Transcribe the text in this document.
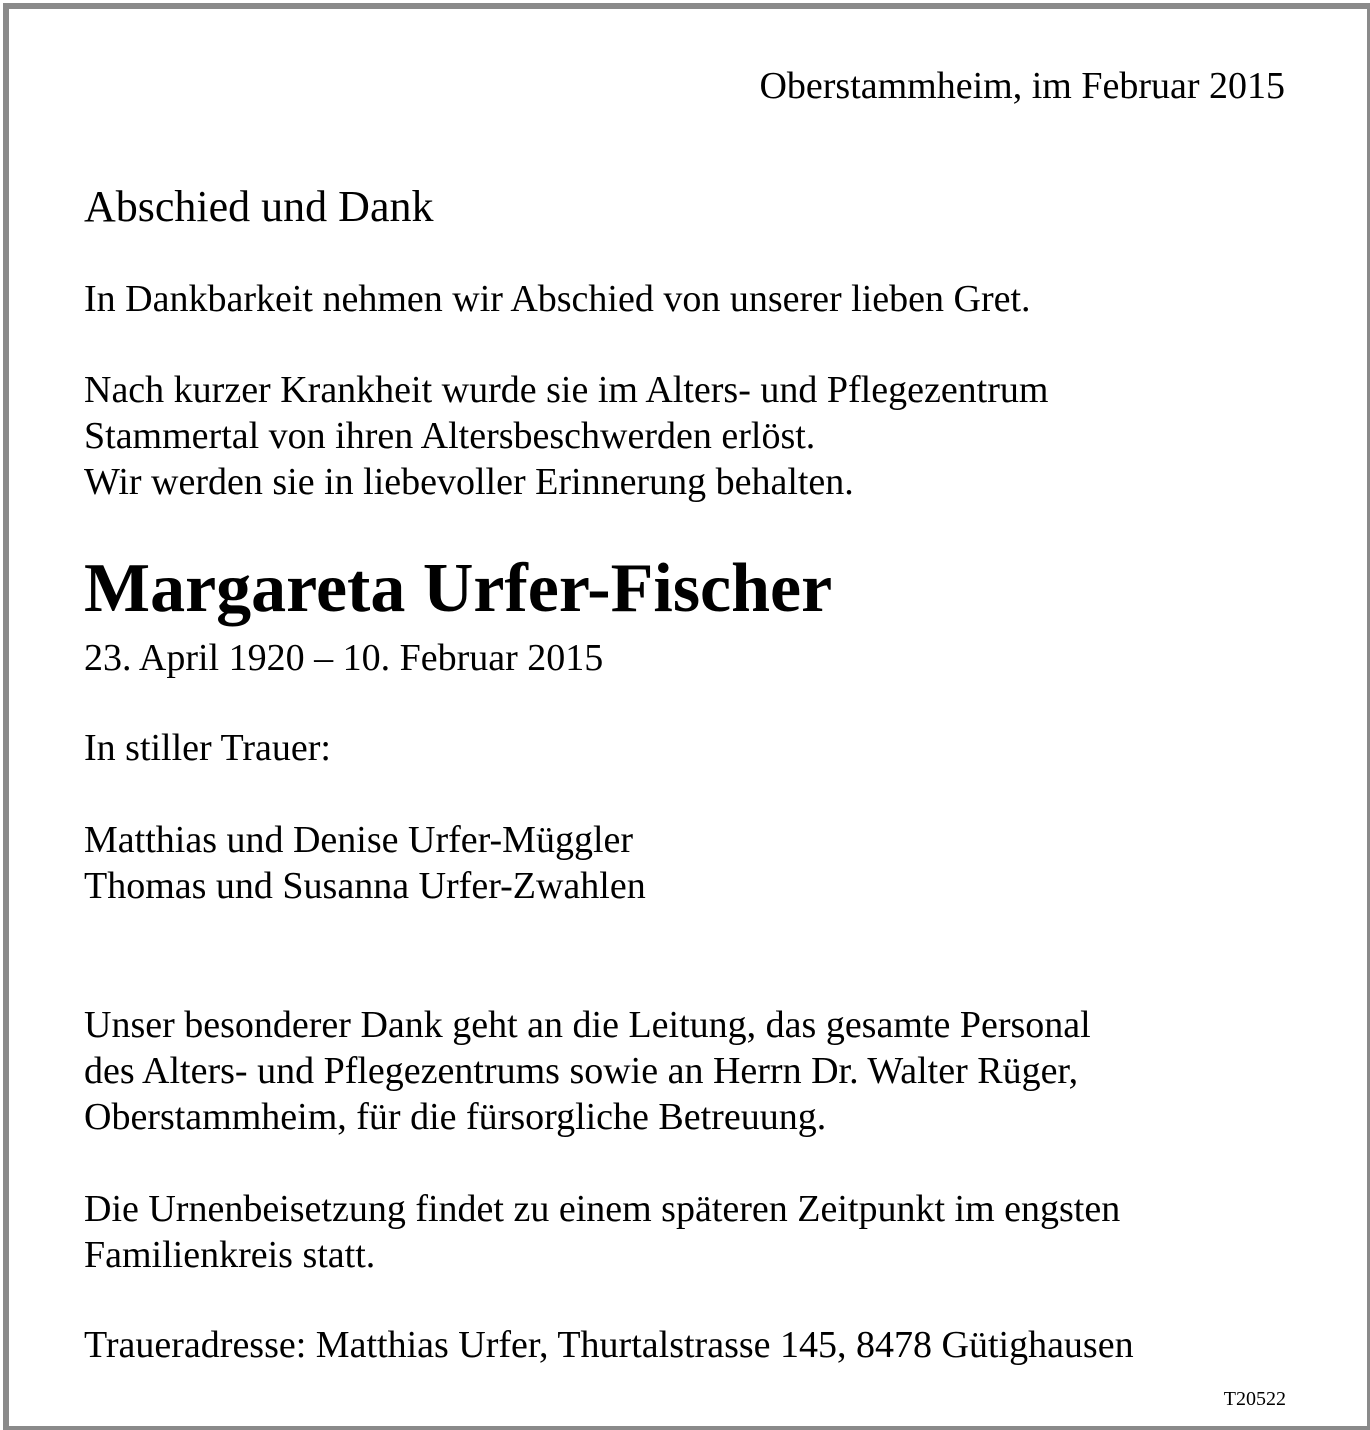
Oberstammheim, im Februar 2015
Abschied und Dank
In Dankbarkeit nehmen wir Abschied von unserer lieben Gret.
Nach kurzer Krankheit wurde sie im Alters- und Pflegezentrum
Stammertal von ihren Altersbeschwerden erlöst.
Wir werden sie in liebevoller Erinnerung behalten.
Margareta Urfer-Fischer
23. April 1920 – 10. Februar 2015
In stiller Trauer:
Matthias und Denise Urfer-Müggler
Thomas und Susanna Urfer-Zwahlen
Unser besonderer Dank geht an die Leitung, das gesamte Personal
des Alters- und Pflegezentrums sowie an Herrn Dr. Walter Rüger,
Oberstammheim, für die fürsorgliche Betreuung.
Die Urnenbeisetzung findet zu einem späteren Zeitpunkt im engsten
Familienkreis statt.
Traueradresse: Matthias Urfer, Thurtalstrasse 145, 8478 Gütighausen
T20522
